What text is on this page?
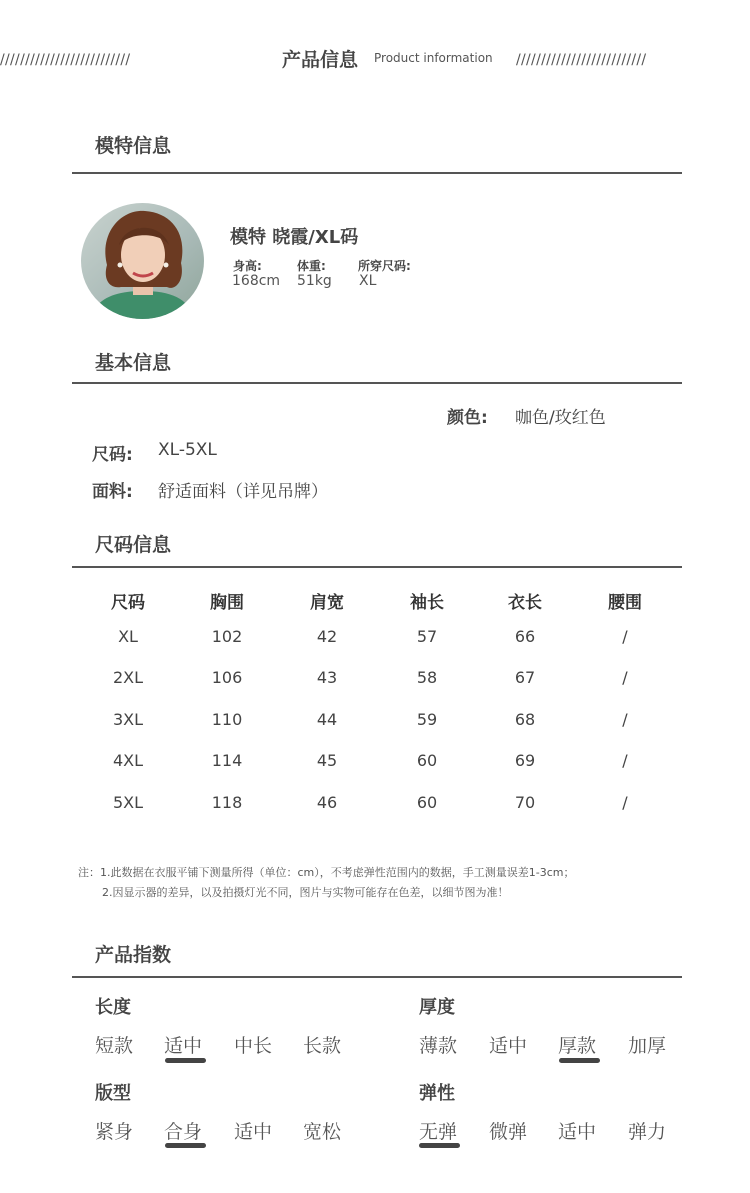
//////////////////////////	产品信息 Product information //////////////////////////
模特信息
模特 晓霞/XL码
身高:	体重:	所穿尺码:
168cm 51kg XL
基本信息
颜色: 咖色/玫红色
尺码: XL-5XL
面料: 舒适面料（详见吊牌）
尺码信息
尺码	胸围	肩宽	袖长	衣长	腰围
XL	102	42	57	66	/
2XL	106	43	58	67	/
3XL	110	44	59	68	/
4XL	114	45	60	69	/
5XL	118	46	60	70	/
注：1.此数据在衣服平铺下测量所得（单位：cm），不考虑弹性范围内的数据，手工测量误差1-3cm；
2.因显示器的差异，以及拍摄灯光不同，图片与实物可能存在色差，以细节图为准！
产品指数
长度
短款 适中 中长 长款
厚度
薄款 适中 厚款 加厚
版型
紧身 合身 适中 宽松
弹性
无弹 微弹 适中 弹力
